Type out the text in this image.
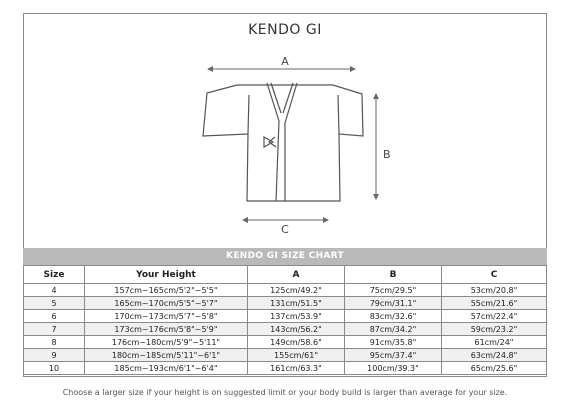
KENDO GI
A
B
C
KENDO GI SIZE CHART
Size	Your Height	A	B	C
4	157cm~165cm/5'2"~5'5"	125cm/49.2"	75cm/29.5"	53cm/20.8"
5	165cm~170cm/5'5"~5'7"	131cm/51.5"	79cm/31.1"	55cm/21.6"
6	170cm~173cm/5'7"~5'8"	137cm/53.9"	83cm/32.6"	57cm/22.4"
7	173cm~176cm/5'8"~5'9"	143cm/56.2"	87cm/34.2"	59cm/23.2"
8	176cm~180cm/5'9"~5'11"	149cm/58.6"	91cm/35.8"	61cm/24"
9	180cm~185cm/5'11"~6'1"	155cm/61"	95cm/37.4"	63cm/24.8"
10	185cm~193cm/6'1"~6'4"	161cm/63.3"	100cm/39.3"	65cm/25.6"
Choose a larger size if your height is on suggested limit or your body build is larger than average for your size.
